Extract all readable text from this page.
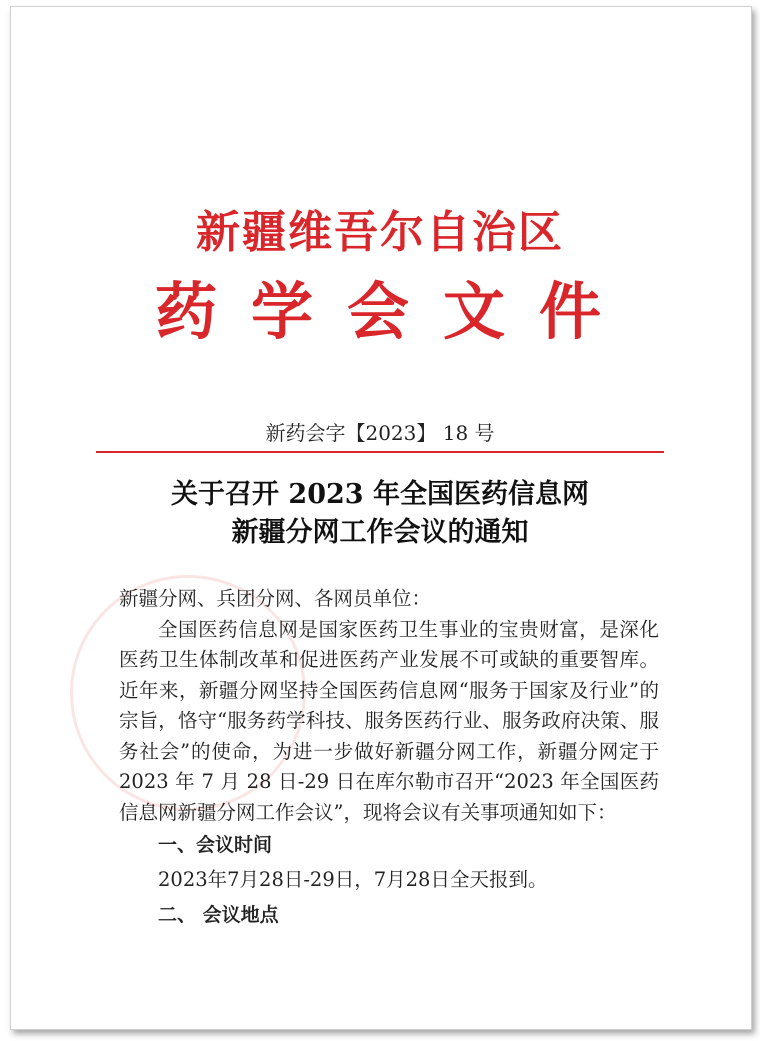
新疆维吾尔自治区
药学会文件
新药会字【2023】 18 号
关于召开 2023 年全国医药信息网
新疆分网工作会议的通知

新疆分网、兵团分网、各网员单位：

全国医药信息网是国家医药卫生事业的宝贵财富，是深化医药卫生体制改革和促进医药产业发展不可或缺的重要智库。近年来，新疆分网坚持全国医药信息网“服务于国家及行业”的宗旨，恪守“服务药学科技、服务医药行业、服务政府决策、服务社会”的使命，为进一步做好新疆分网工作，新疆分网定于 2023 年 7 月 28 日-29 日在库尔勒市召开“2023 年全国医药信息网新疆分网工作会议”，现将会议有关事项通知如下：

一、会议时间

2023年7月28日-29日，7月28日全天报到。

二、 会议地点
